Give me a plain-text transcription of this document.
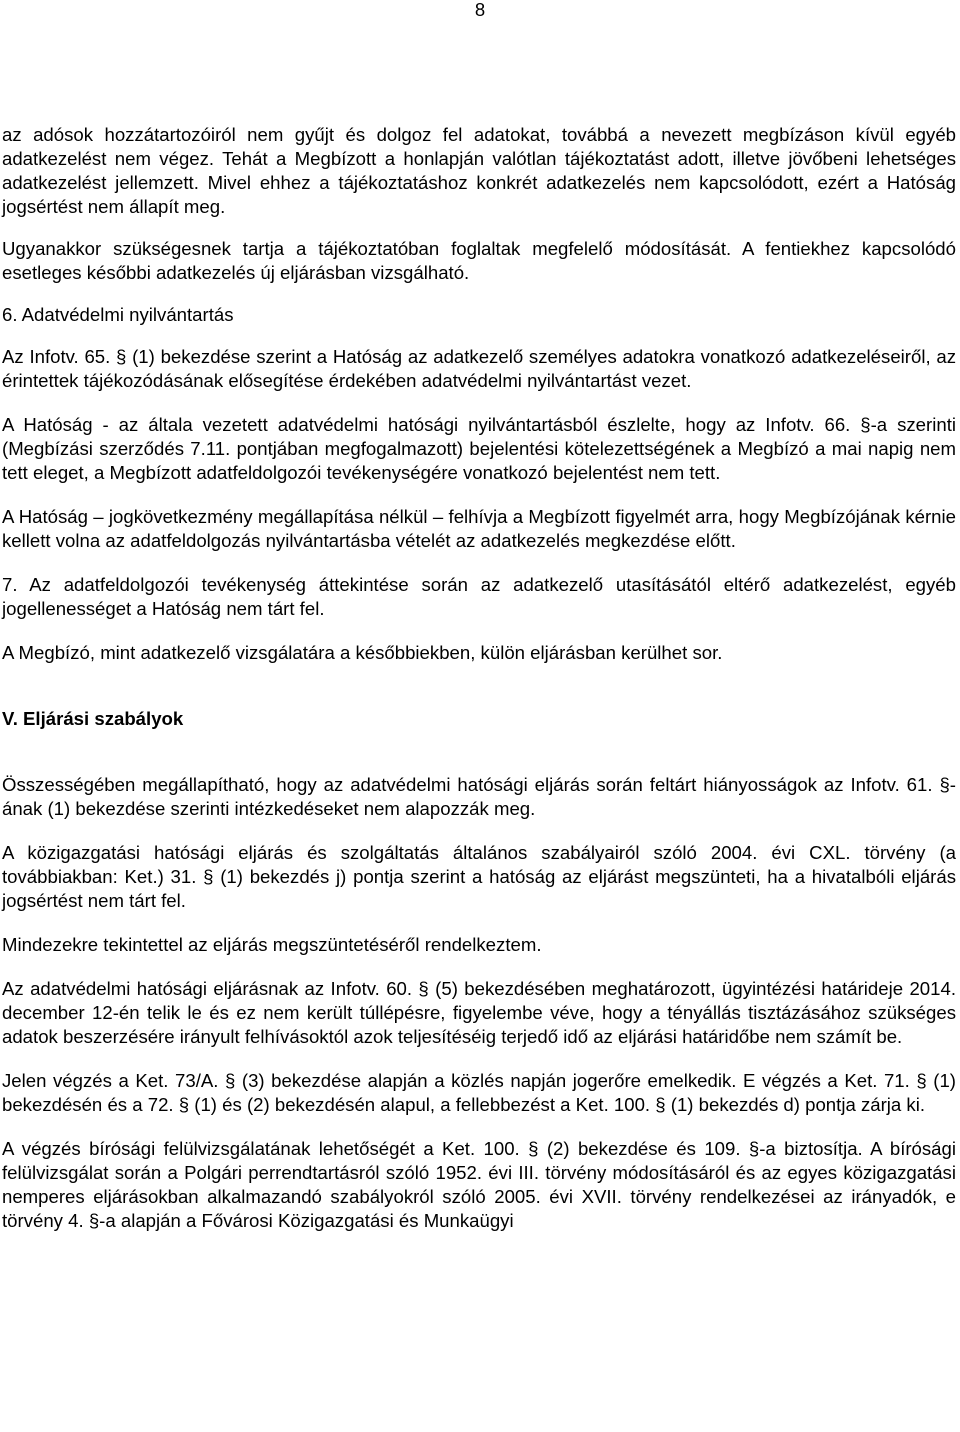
8

az adósok hozzátartozóiról nem gyűjt és dolgoz fel adatokat, továbbá a nevezett megbízáson kívül egyéb adatkezelést nem végez. Tehát a Megbízott a honlapján valótlan tájékoztatást adott, illetve jövőbeni lehetséges adatkezelést jellemzett. Mivel ehhez a tájékoztatáshoz konkrét adatkezelés nem kapcsolódott, ezért a Hatóság jogsértést nem állapít meg.

Ugyanakkor szükségesnek tartja a tájékoztatóban foglaltak megfelelő módosítását. A fentiekhez kapcsolódó esetleges későbbi adatkezelés új eljárásban vizsgálható.

6. Adatvédelmi nyilvántartás

Az Infotv. 65. § (1) bekezdése szerint a Hatóság az adatkezelő személyes adatokra vonatkozó adatkezeléseiről, az érintettek tájékozódásának elősegítése érdekében adatvédelmi nyilvántartást vezet.

A Hatóság - az általa vezetett adatvédelmi hatósági nyilvántartásból észlelte, hogy az Infotv. 66. §-a szerinti (Megbízási szerződés 7.11. pontjában megfogalmazott) bejelentési kötelezettségének a Megbízó a mai napig nem tett eleget, a Megbízott adatfeldolgozói tevékenységére vonatkozó bejelentést nem tett.

A Hatóság – jogkövetkezmény megállapítása nélkül – felhívja a Megbízott figyelmét arra, hogy Megbízójának kérnie kellett volna az adatfeldolgozás nyilvántartásba vételét az adatkezelés megkezdése előtt.

7. Az adatfeldolgozói tevékenység áttekintése során az adatkezelő utasításától eltérő adatkezelést, egyéb jogellenességet a Hatóság nem tárt fel.

A Megbízó, mint adatkezelő vizsgálatára a későbbiekben, külön eljárásban kerülhet sor.

V. Eljárási szabályok

Összességében megállapítható, hogy az adatvédelmi hatósági eljárás során feltárt hiányosságok az Infotv. 61. §-ának (1) bekezdése szerinti intézkedéseket nem alapozzák meg.

A közigazgatási hatósági eljárás és szolgáltatás általános szabályairól szóló 2004. évi CXL. törvény (a továbbiakban: Ket.) 31. § (1) bekezdés j) pontja szerint a hatóság az eljárást megszünteti, ha a hivatalbóli eljárás jogsértést nem tárt fel.

Mindezekre tekintettel az eljárás megszüntetéséről rendelkeztem.

Az adatvédelmi hatósági eljárásnak az Infotv. 60. § (5) bekezdésében meghatározott, ügyintézési határideje 2014. december 12-én telik le és ez nem került túllépésre, figyelembe véve, hogy a tényállás tisztázásához szükséges adatok beszerzésére irányult felhívásoktól azok teljesítéséig terjedő idő az eljárási határidőbe nem számít be.

Jelen végzés a Ket. 73/A. § (3) bekezdése alapján a közlés napján jogerőre emelkedik. E végzés a Ket. 71. § (1) bekezdésén és a 72. § (1) és (2) bekezdésén alapul, a fellebbezést a Ket. 100. § (1) bekezdés d) pontja zárja ki.

A végzés bírósági felülvizsgálatának lehetőségét a Ket. 100. § (2) bekezdése és 109. §-a biztosítja. A bírósági felülvizsgálat során a Polgári perrendtartásról szóló 1952. évi III. törvény módosításáról és az egyes közigazgatási nemperes eljárásokban alkalmazandó szabályokról szóló 2005. évi XVII. törvény rendelkezései az irányadók, e törvény 4. §-a alapján a Fővárosi Közigazgatási és Munkaügyi
